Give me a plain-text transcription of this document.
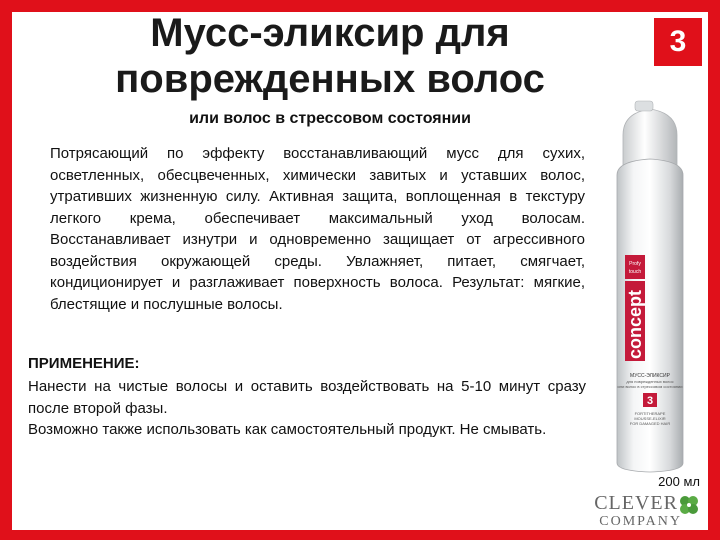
Мусс-эликсир для
поврежденных волос
или волос в стрессовом состоянии
3

Потрясающий по эффекту восстанавливающий мусс для сухих, осветленных, обесцвеченных, химически завитых и уставших волос, утративших жизненную силу. Активная защита, воплощенная в текстуру легкого крема, обеспечивает максимальный уход волосам. Восстанавливает изнутри и одновременно защищает от агрессивного воздействия окружающей среды. Увлажняет, питает, смягчает, кондиционирует и разглаживает поверхность волоса. Результат: мягкие, блестящие и послушные волосы.

ПРИМЕНЕНИЕ:

Нанести на чистые волосы и оставить воздействовать на 5-10 минут сразу после второй фазы.

Возможно также использовать как самостоятельный продукт. Не смывать.

Profy
touch
concept
МУСС-ЭЛИКСИР
для поврежденных волос
или волос в стрессовом состоянии
3
FORTITHERAPE
MOUSSE-ELIXIR
FOR DAMAGED HAIR
200 мл
CLEVER
COMPANY
